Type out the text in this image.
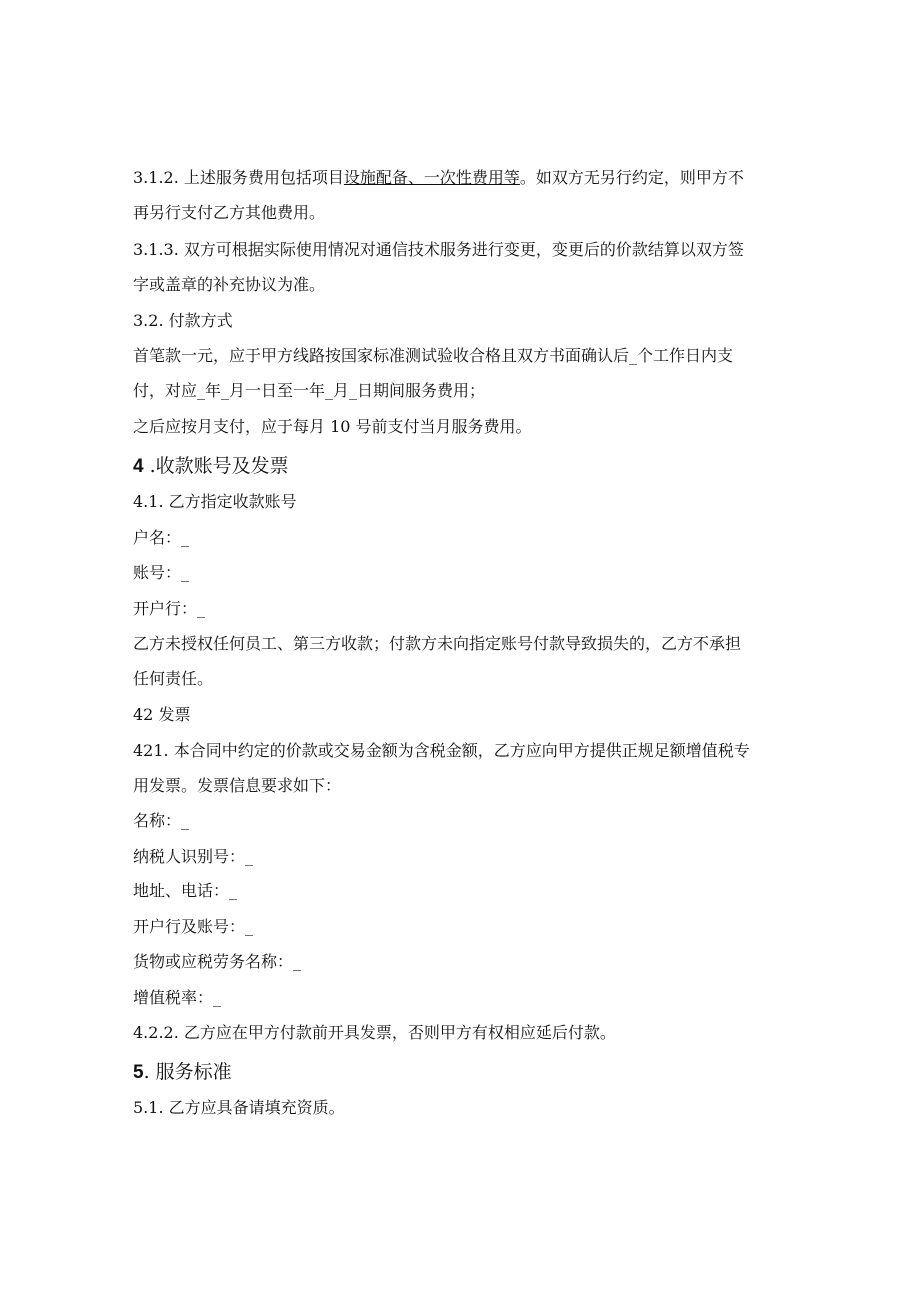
3.1.2. 上述服务费用包括项目设施配备、一次性费用等。如双方无另行约定，则甲方不
再另行支付乙方其他费用。
3.1.3. 双方可根据实际使用情况对通信技术服务进行变更，变更后的价款结算以双方签
字或盖章的补充协议为准。
3.2. 付款方式
首笔款一元，应于甲方线路按国家标准测试验收合格且双方书面确认后_个工作日内支
付，对应_年_月一日至一年_月_日期间服务费用；
之后应按月支付，应于每月 10 号前支付当月服务费用。
4 .收款账号及发票
4.1. 乙方指定收款账号
户名：_
账号：_
开户行：_
乙方未授权任何员工、第三方收款；付款方未向指定账号付款导致损失的，乙方不承担
任何责任。
42 发票
421. 本合同中约定的价款或交易金额为含税金额，乙方应向甲方提供正规足额增值税专
用发票。发票信息要求如下：
名称：_
纳税人识别号：_
地址、电话：_
开户行及账号：_
货物或应税劳务名称：_
增值税率：_
4.2.2. 乙方应在甲方付款前开具发票，否则甲方有权相应延后付款。
5. 服务标准
5.1. 乙方应具备请填充资质。
